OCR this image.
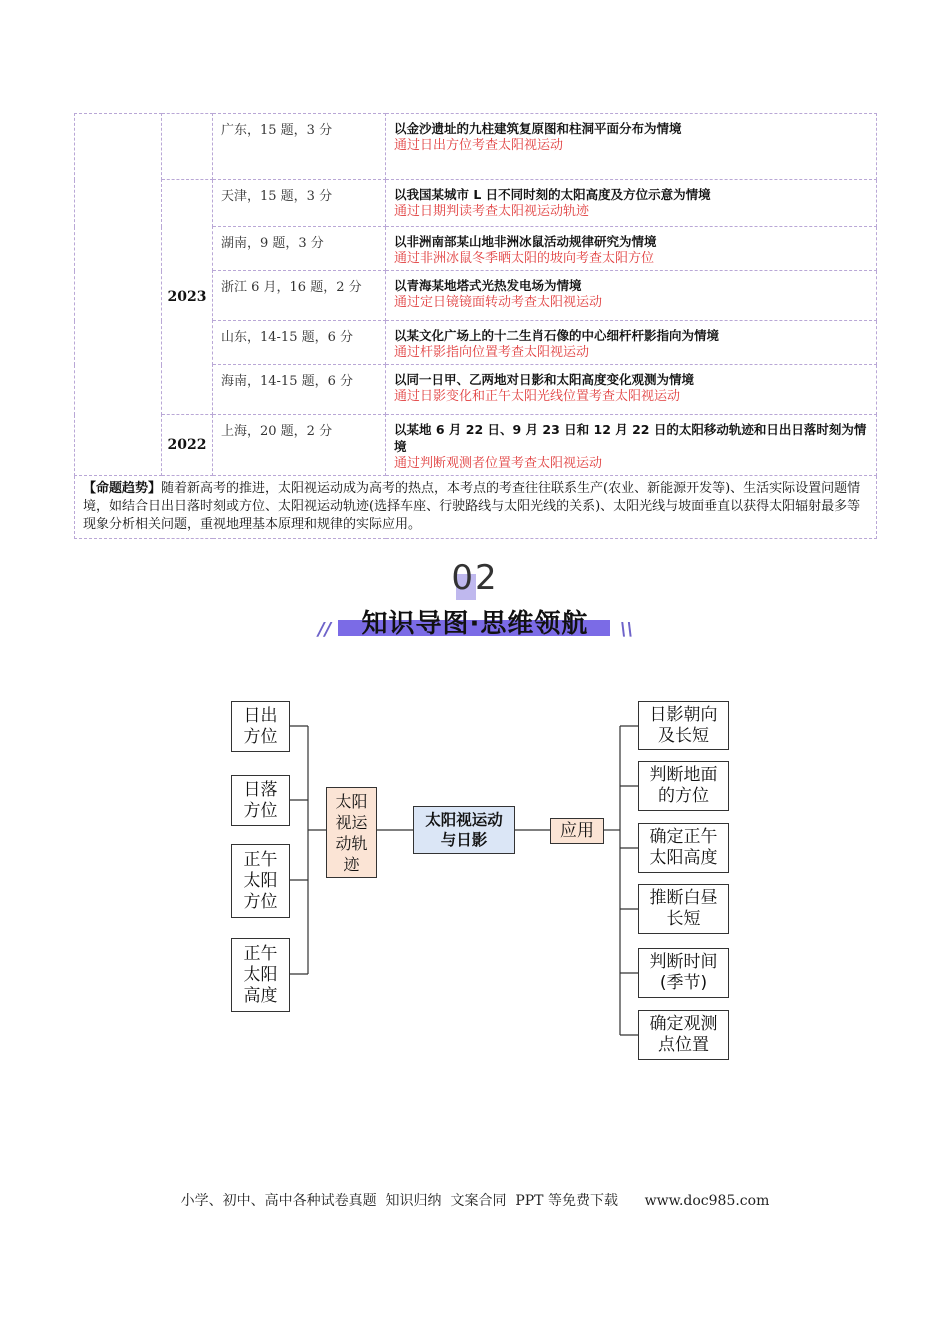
		广东，15 题，3 分	以金沙遗址的九柱建筑复原图和柱洞平面分布为情境
通过日出方位考查太阳视运动

	2023	天津，15 题，3 分	以我国某城市 L 日不同时刻的太阳高度及方位示意为情境
通过日期判读考查太阳视运动轨迹

		湖南，9 题，3 分	以非洲南部某山地非洲冰鼠活动规律研究为情境
通过非洲冰鼠冬季晒太阳的坡向考查太阳方位

		浙江 6 月，16 题，2 分	以青海某地塔式光热发电场为情境
通过定日镜镜面转动考查太阳视运动

		山东，14-15 题，6 分	以某文化广场上的十二生肖石像的中心细杆杆影指向为情境
通过杆影指向位置考查太阳视运动

		海南，14-15 题，6 分	以同一日甲、乙两地对日影和太阳高度变化观测为情境
通过日影变化和正午太阳光线位置考查太阳视运动

	2022	上海，20 题，2 分	以某地 6 月 22 日、9 月 23 日和 12 月 22 日的太阳移动轨迹和日出日落时刻为情境
通过判断观测者位置考查太阳视运动

【命题趋势】随着新高考的推进，太阳视运动成为高考的热点，本考点的考查往往联系生产(农业、新能源开发等)、生活实际设置问题情境，如结合日出日落时刻或方位、太阳视运动轨迹(选择车座、行驶路线与太阳光线的关系)、太阳光线与坡面垂直以获得太阳辐射最多等现象分析相关问题，重视地理基本原理和规律的实际应用。			
02
//	\\
知识导图·思维领航
日出
方位
日落
方位
正午
太阳
方位
正午
太阳
高度
太阳
视运
动轨
迹
太阳视运动
与日影	应用
日影朝向
及长短
判断地面
的方位
确定正午
太阳高度
推断白昼
长短
判断时间
(季节)
确定观测
点位置
小学、初中、高中各种试卷真题  知识归纳  文案合同  PPT 等免费下载      www.doc985.com
